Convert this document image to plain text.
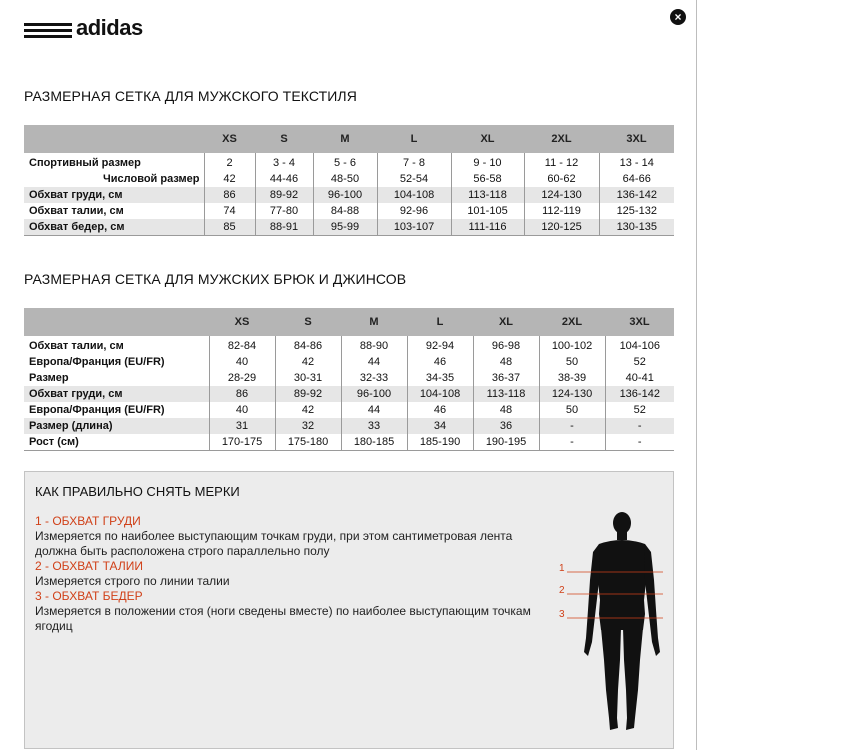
adidas	×
РАЗМЕРНАЯ СЕТКА ДЛЯ МУЖСКОГО ТЕКСТИЛЯ
	XS	S	M	L	XL	2XL	3XL
Спортивный размер	2	3 - 4	5 - 6	7 - 8	9 - 10	11 - 12	13 - 14
Числовой размер	42	44-46	48-50	52-54	56-58	60-62	64-66
Обхват груди, см	86	89-92	96-100	104-108	113-118	124-130	136-142
Обхват талии, см	74	77-80	84-88	92-96	101-105	112-119	125-132
Обхват бедер, см	85	88-91	95-99	103-107	111-116	120-125	130-135
РАЗМЕРНАЯ СЕТКА ДЛЯ МУЖСКИХ БРЮК И ДЖИНСОВ
	XS	S	M	L	XL	2XL	3XL
Обхват талии, см	82-84	84-86	88-90	92-94	96-98	100-102	104-106
Европа/Франция (EU/FR)	40	42	44	46	48	50	52
Размер	28-29	30-31	32-33	34-35	36-37	38-39	40-41
Обхват груди, см	86	89-92	96-100	104-108	113-118	124-130	136-142
Европа/Франция (EU/FR)	40	42	44	46	48	50	52
Размер (длина)	31	32	33	34	36	-	-
Рост (см)	170-175	175-180	180-185	185-190	190-195	-	-
КАК ПРАВИЛЬНО СНЯТЬ МЕРКИ
1 - ОБХВАТ ГРУДИ
Измеряется по наиболее выступающим точкам груди, при этом сантиметровая лента должна быть расположена строго параллельно полу
2 - ОБХВАТ ТАЛИИ
Измеряется строго по линии талии
3 - ОБХВАТ БЕДЕР
Измеряется в положении стоя (ноги сведены вместе) по наиболее выступающим точкам ягодиц
1
2
3
